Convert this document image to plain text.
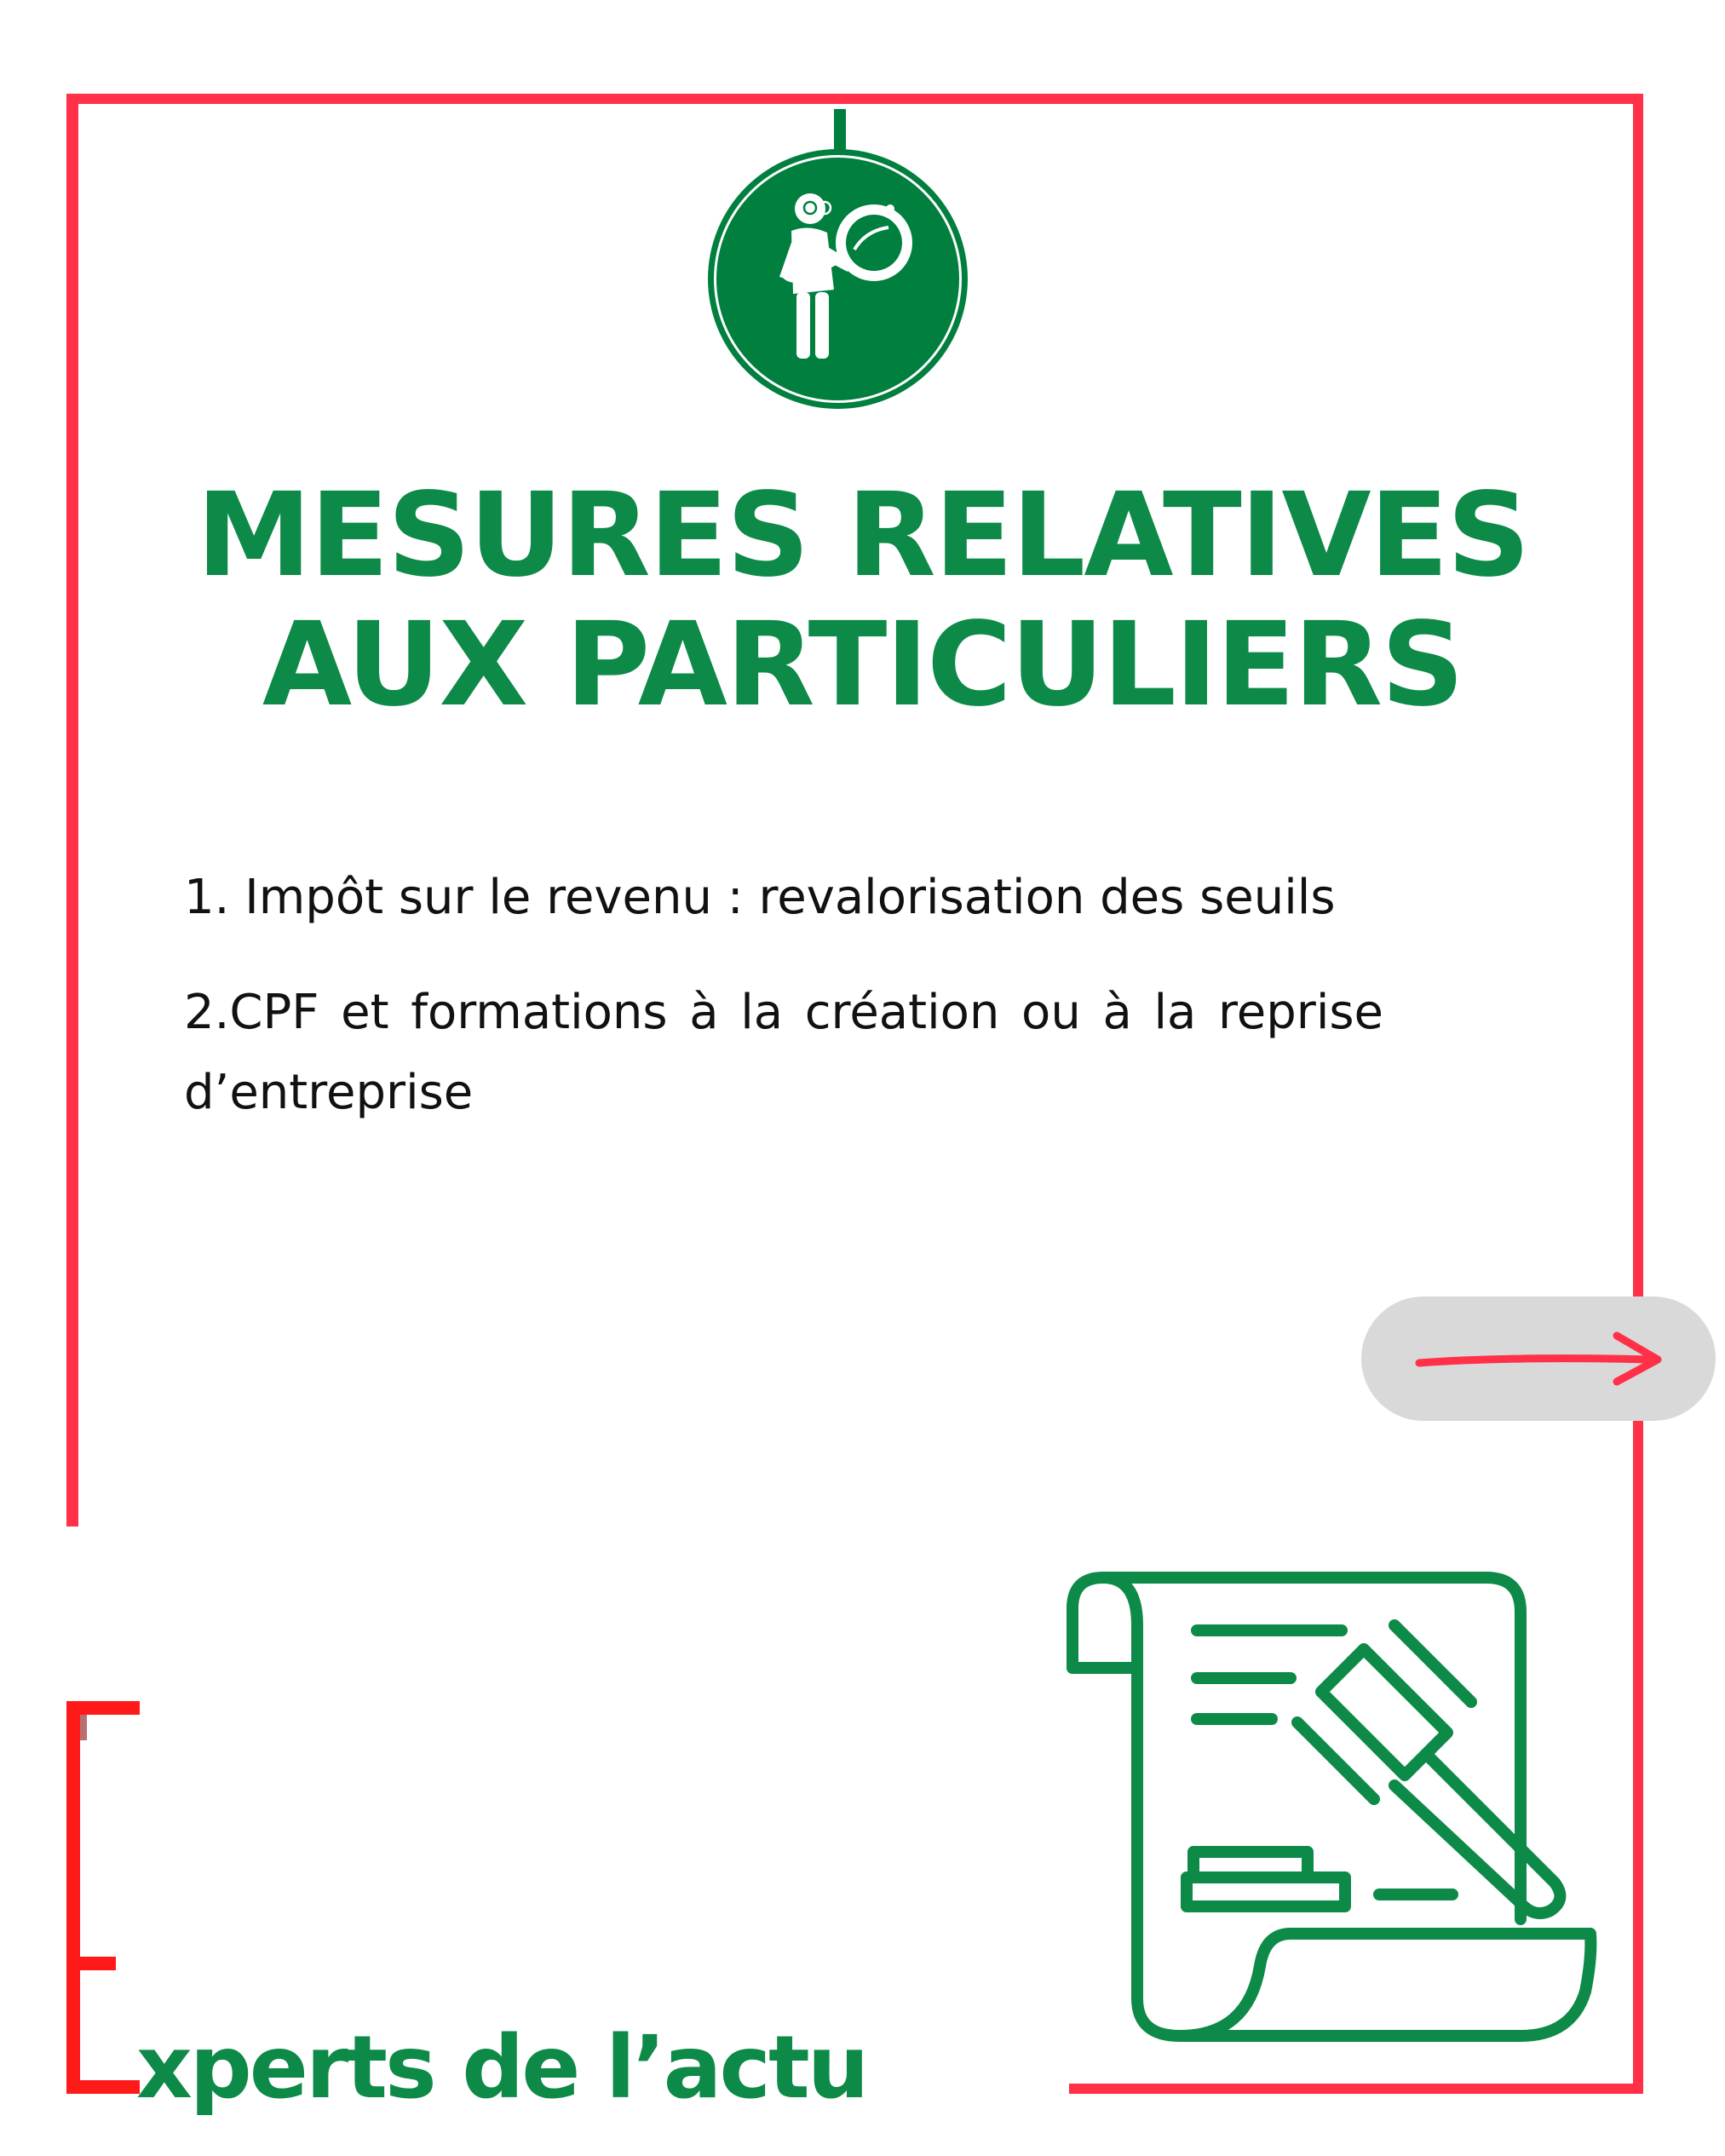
MESURES RELATIVES
AUX PARTICULIERS
1. Impôt sur le revenu : revalorisation des seuils
2.CPF et formations à la création ou à la reprise d’entreprise
xperts de l’actu
